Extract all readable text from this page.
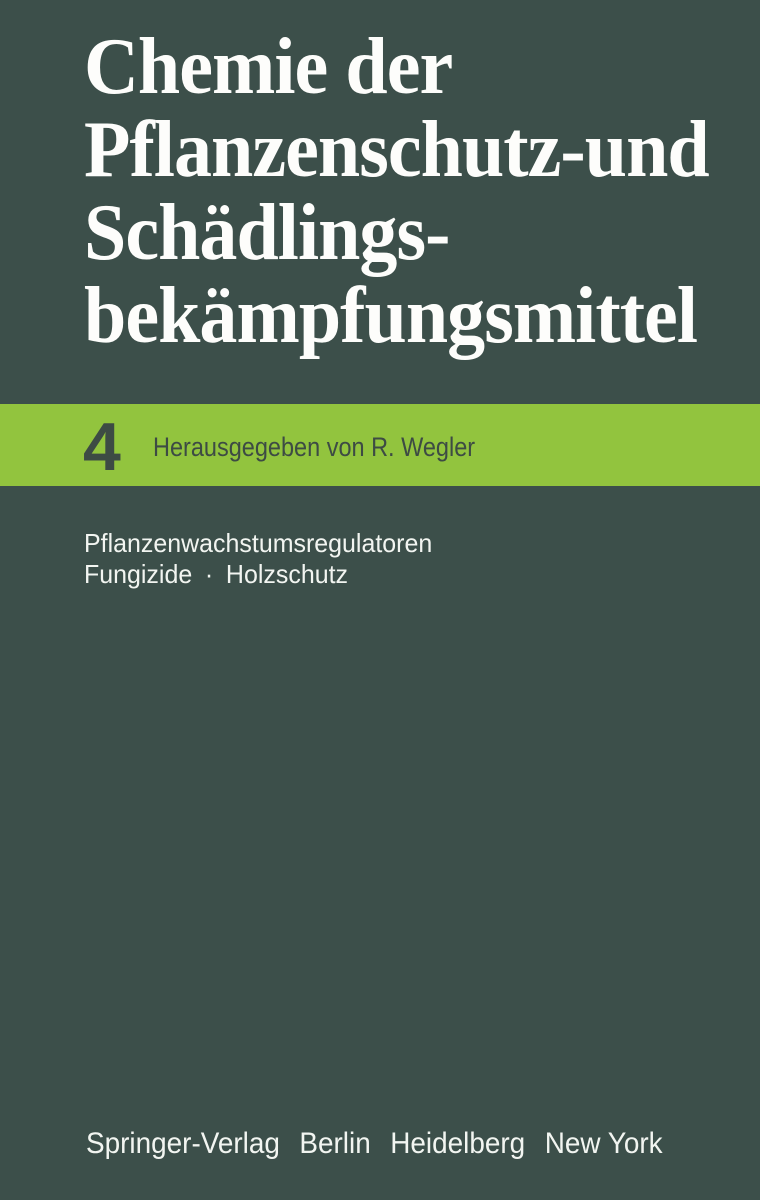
Chemie der
Pflanzenschutz-und
Schädlings-
bekämpfungsmittel
4 Herausgegeben von R. Wegler
Pflanzenwachstumsregulatoren
Fungizide · Holzschutz
Springer-Verlag Berlin Heidelberg New York
